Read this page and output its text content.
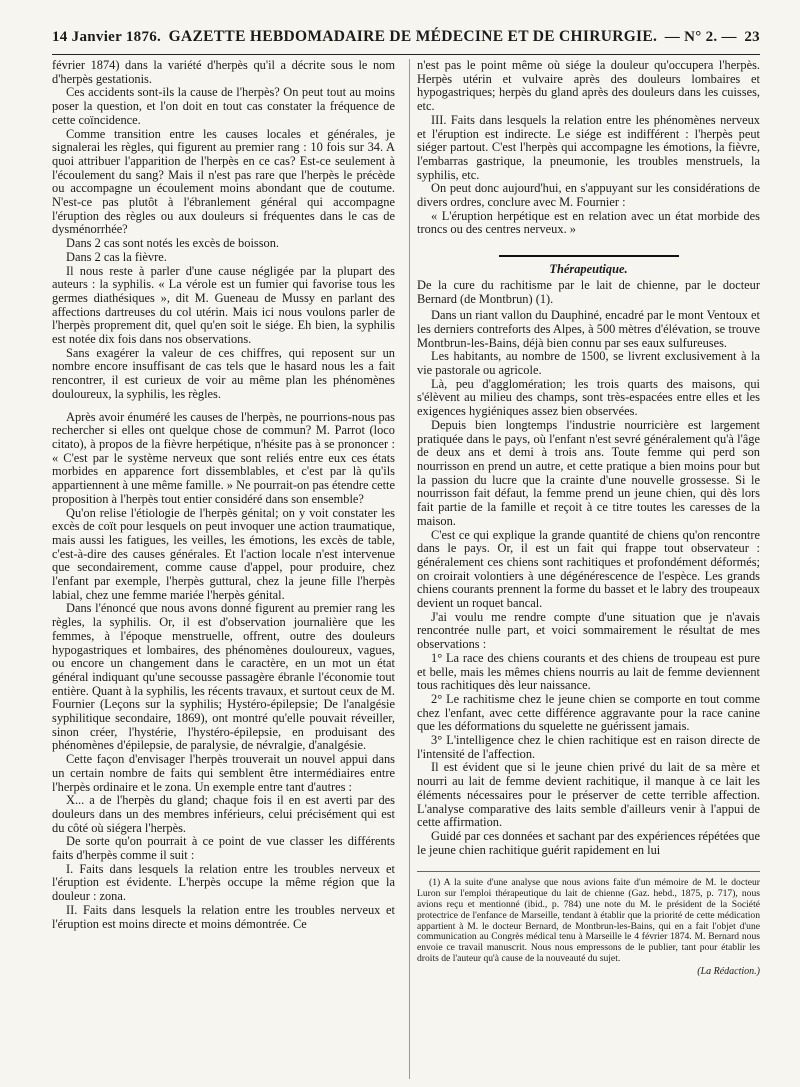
14 Janvier 1876. GAZETTE HEBDOMADAIRE DE MÉDECINE ET DE CHIRURGIE. — N° 2. — 23

février 1874) dans la variété d'herpès qu'il a décrite sous le nom d'herpès gestationis.

Ces accidents sont-ils la cause de l'herpès? On peut tout au moins poser la question, et l'on doit en tout cas constater la fréquence de cette coïncidence.

Comme transition entre les causes locales et générales, je signalerai les règles, qui figurent au premier rang : 10 fois sur 34. A quoi attribuer l'apparition de l'herpès en ce cas? Est-ce seulement à l'écoulement du sang? Mais il n'est pas rare que l'herpès le précède ou accompagne un écoulement moins abondant que de coutume. N'est-ce pas plutôt à l'ébranlement général qui accompagne l'éruption des règles ou aux douleurs si fréquentes dans le cas de dysménorrhée?

Dans 2 cas sont notés les excès de boisson.

Dans 2 cas la fièvre.

Il nous reste à parler d'une cause négligée par la plupart des auteurs : la syphilis. « La vérole est un fumier qui favorise tous les germes diathésiques », dit M. Gueneau de Mussy en parlant des affections dartreuses du col utérin. Mais ici nous voulons parler de l'herpès proprement dit, quel qu'en soit le siége. Eh bien, la syphilis est notée dix fois dans nos observations.

Sans exagérer la valeur de ces chiffres, qui reposent sur un nombre encore insuffisant de cas tels que le hasard nous les a fait rencontrer, il est curieux de voir au même plan les phénomènes douloureux, la syphilis, les règles.

Après avoir énuméré les causes de l'herpès, ne pourrions-nous pas rechercher si elles ont quelque chose de commun? M. Parrot (loco citato), à propos de la fièvre herpétique, n'hésite pas à se prononcer : « C'est par le système nerveux que sont reliés entre eux ces états morbides en apparence fort dissemblables, et c'est par là qu'ils appartiennent à une même famille. » Ne pourrait-on pas étendre cette proposition à l'herpès tout entier considéré dans son ensemble?

Qu'on relise l'étiologie de l'herpès génital; on y voit constater les excès de coït pour lesquels on peut invoquer une action traumatique, mais aussi les fatigues, les veilles, les émotions, les excès de table, c'est-à-dire des causes générales. Et l'action locale n'est intervenue que secondairement, comme cause d'appel, pour produire, chez l'enfant par exemple, l'herpès guttural, chez la jeune fille l'herpès labial, chez une femme mariée l'herpès génital.

Dans l'énoncé que nous avons donné figurent au premier rang les règles, la syphilis. Or, il est d'observation journalière que les femmes, à l'époque menstruelle, offrent, outre des douleurs hypogastriques et lombaires, des phénomènes douloureux, vagues, ou encore un changement dans le caractère, en un mot un état général indiquant qu'une secousse passagère ébranle l'économie tout entière. Quant à la syphilis, les récents travaux, et surtout ceux de M. Fournier (Leçons sur la syphilis; Hystéro-épilepsie; De l'analgésie syphilitique secondaire, 1869), ont montré qu'elle pouvait réveiller, sinon créer, l'hystérie, l'hystéro-épilepsie, en produisant des phénomènes d'épilepsie, de paralysie, de névralgie, d'analgésie.

Cette façon d'envisager l'herpès trouverait un nouvel appui dans un certain nombre de faits qui semblent être intermédiaires entre l'herpès ordinaire et le zona. Un exemple entre tant d'autres :

X... a de l'herpès du gland; chaque fois il en est averti par des douleurs dans un des membres inférieurs, celui précisément qui est du côté où siégera l'herpès.

De sorte qu'on pourrait à ce point de vue classer les différents faits d'herpès comme il suit :

I. Faits dans lesquels la relation entre les troubles nerveux et l'éruption est évidente. L'herpès occupe la même région que la douleur : zona.

II. Faits dans lesquels la relation entre les troubles nerveux et l'éruption est moins directe et moins démontrée. Ce

n'est pas le point même où siége la douleur qu'occupera l'herpès. Herpès utérin et vulvaire après des douleurs lombaires et hypogastriques; herpès du gland après des douleurs dans les cuisses, etc.

III. Faits dans lesquels la relation entre les phénomènes nerveux et l'éruption est indirecte. Le siége est indifférent : l'herpès peut siéger partout. C'est l'herpès qui accompagne les émotions, la fièvre, l'embarras gastrique, la pneumonie, les troubles menstruels, la syphilis, etc.

On peut donc aujourd'hui, en s'appuyant sur les considérations de divers ordres, conclure avec M. Fournier :

« L'éruption herpétique est en relation avec un état morbide des troncs ou des centres nerveux. »

Thérapeutique.

De la cure du rachitisme par le lait de chienne, par le docteur Bernard (de Montbrun) (1).

Dans un riant vallon du Dauphiné, encadré par le mont Ventoux et les derniers contreforts des Alpes, à 500 mètres d'élévation, se trouve Montbrun-les-Bains, déjà bien connu par ses eaux sulfureuses.

Les habitants, au nombre de 1500, se livrent exclusivement à la vie pastorale ou agricole.

Là, peu d'agglomération; les trois quarts des maisons, qui s'élèvent au milieu des champs, sont très-espacées entre elles et les exigences hygiéniques assez bien observées.

Depuis bien longtemps l'industrie nourricière est largement pratiquée dans le pays, où l'enfant n'est sevré généralement qu'à l'âge de deux ans et demi à trois ans. Toute femme qui perd son nourrisson en prend un autre, et cette pratique a bien moins pour but la passion du lucre que la crainte d'une nouvelle grossesse. Si le nourrisson fait défaut, la femme prend un jeune chien, qui dès lors fait partie de la famille et reçoit à ce titre toutes les caresses de la maison.

C'est ce qui explique la grande quantité de chiens qu'on rencontre dans le pays. Or, il est un fait qui frappe tout observateur : généralement ces chiens sont rachitiques et profondément déformés; on croirait volontiers à une dégénérescence de l'espèce. Les grands chiens courants prennent la forme du basset et le labry des troupeaux devient un roquet bancal.

J'ai voulu me rendre compte d'une situation que je n'avais rencontrée nulle part, et voici sommairement le résultat de mes observations :

1° La race des chiens courants et des chiens de troupeau est pure et belle, mais les mêmes chiens nourris au lait de femme deviennent tous rachitiques dès leur naissance.

2° Le rachitisme chez le jeune chien se comporte en tout comme chez l'enfant, avec cette différence aggravante pour la race canine que les déformations du squelette ne guérissent jamais.

3° L'intelligence chez le chien rachitique est en raison directe de l'intensité de l'affection.

Il est évident que si le jeune chien privé du lait de sa mère et nourri au lait de femme devient rachitique, il manque à ce lait les éléments nécessaires pour le préserver de cette terrible affection. L'analyse comparative des laits semble d'ailleurs venir à l'appui de cette affirmation.

Guidé par ces données et sachant par des expériences répétées que le jeune chien rachitique guérit rapidement en lui

(1) A la suite d'une analyse que nous avions faite d'un mémoire de M. le docteur Luron sur l'emploi thérapeutique du lait de chienne (Gaz. hebd., 1875, p. 717), nous avions reçu et mentionné (ibid., p. 784) une note du M. le président de la Société protectrice de l'enfance de Marseille, tendant à établir que la priorité de cette médication appartient à M. le docteur Bernard, de Montbrun-les-Bains, qui en a fait l'objet d'une communication au Congrès médical tenu à Marseille le 4 février 1874. M. Bernard nous envoie ce travail manuscrit. Nous nous empressons de le publier, tant pour établir les droits de l'auteur qu'à cause de la nouveauté du sujet.

(La Rédaction.)
